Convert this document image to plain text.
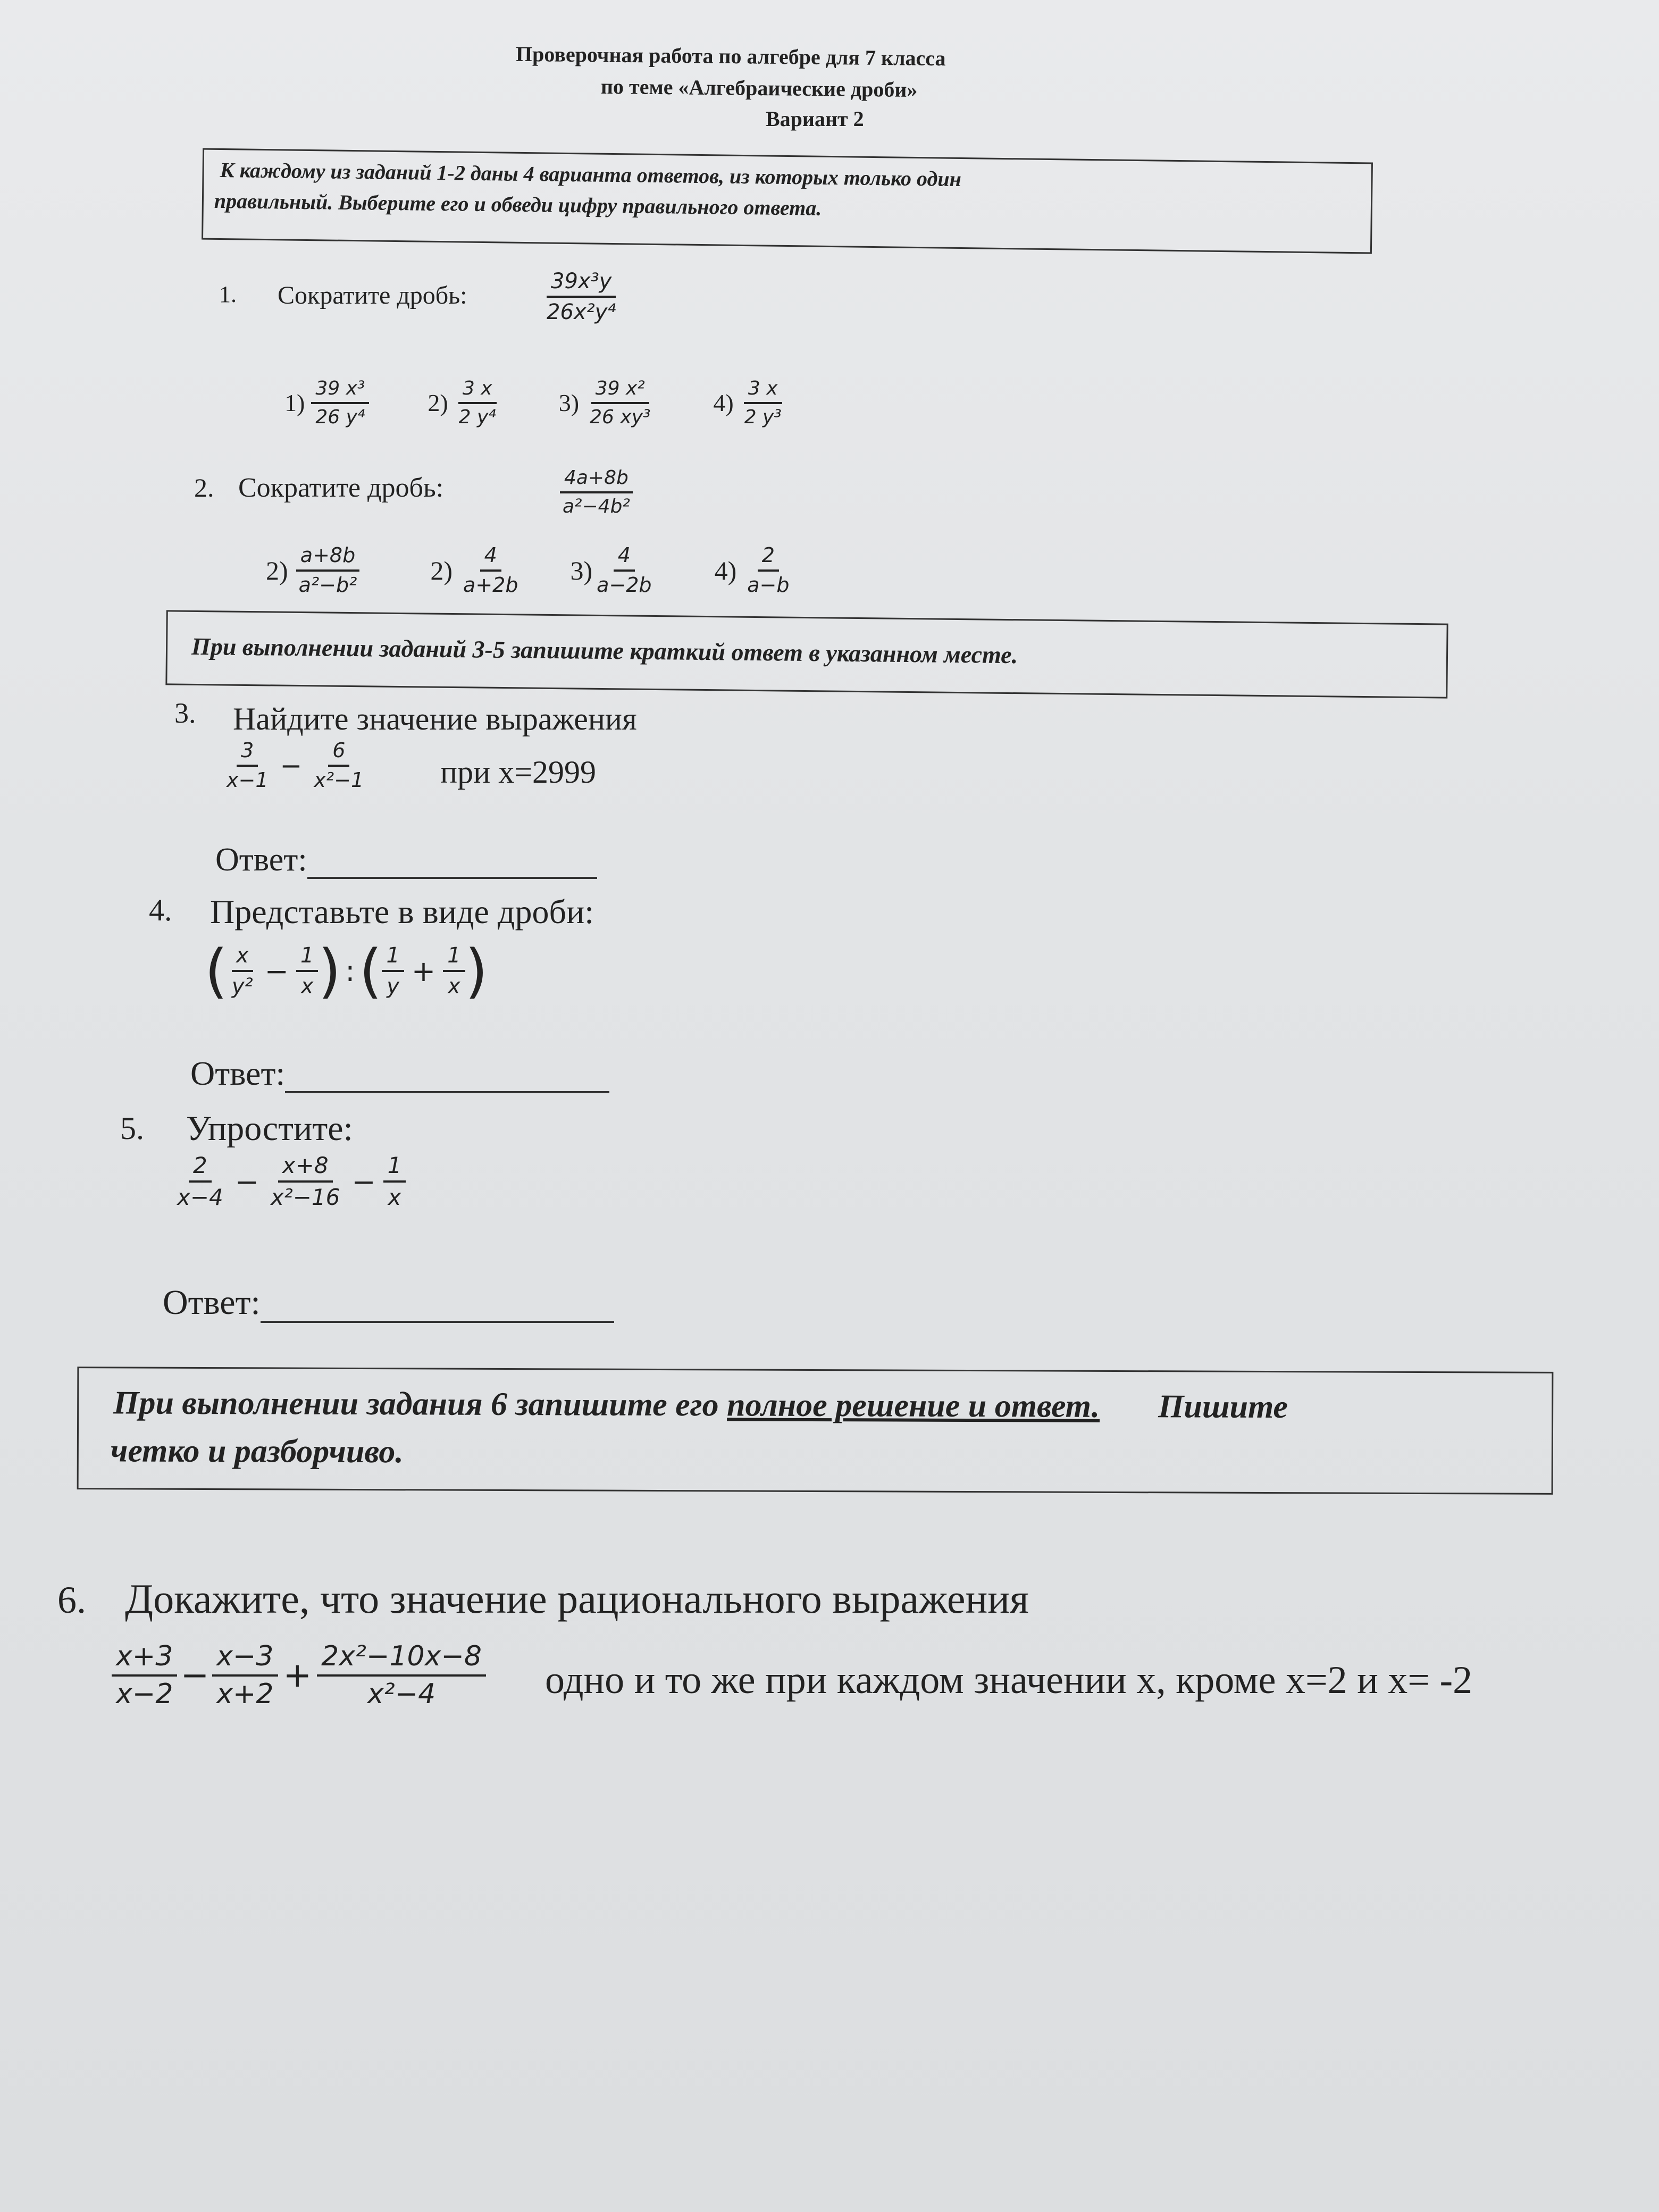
Проверочная работа по алгебре для 7 класса
по теме «Алгебраические дроби»
Вариант 2
К каждому из заданий 1-2 даны 4 варианта ответов, из которых только один
правильный. Выберите его и обведи цифру правильного ответа.
1. Сократите дробь:	$\frac{\text{39x³y}}{\text{26x²y⁴}}$
$1) \frac{\text{39 x³}}{\text{26 y⁴}} 2) \frac{3 x}{\text{2 y⁴}} 3) \frac{\text{39 x²}}{\text{26 xy³}} 4) \frac{3 x}{\text{2 y³}}$
2. Сократите дробь:	$\frac{4a+8b}{\text{a²−4b²}}$
$2) \frac{a+8b}{\text{a²−b²}}$	$2) \frac{4}{a+2b} 3) \frac{4}{a-2b} 4) \frac{2}{a-b}$
При выполнении заданий 3-5 запишите краткий ответ в указанном месте.
3. Найдите значение выражения
$\frac{3}{x-1} - \frac{6}{\text{x²−1}}$ при x=2999
Ответ:
4. Представьте в виде дроби:
( $\frac{x}{\text{y²}} - \frac{1}{x}$ ) : ( $\frac{1}{y} + \frac{1}{x}$ )
Ответ:
5. Упростите:
$\frac{2}{x-4} - \frac{x+8}{\text{x²−16}} - \frac{1}{x}$
Ответ:
При выполнении задания 6 запишите его полное решение и ответ. Пишите
четко и разборчиво.
6. Докажите, что значение рационального выражения
$\frac{x+3}{x-2} - \frac{x-3}{x+2} + \frac{\text{2x²−10x−8}}{\text{x²−4}}$ одно и то же при каждом значении x, кроме x=2 и x= -2
